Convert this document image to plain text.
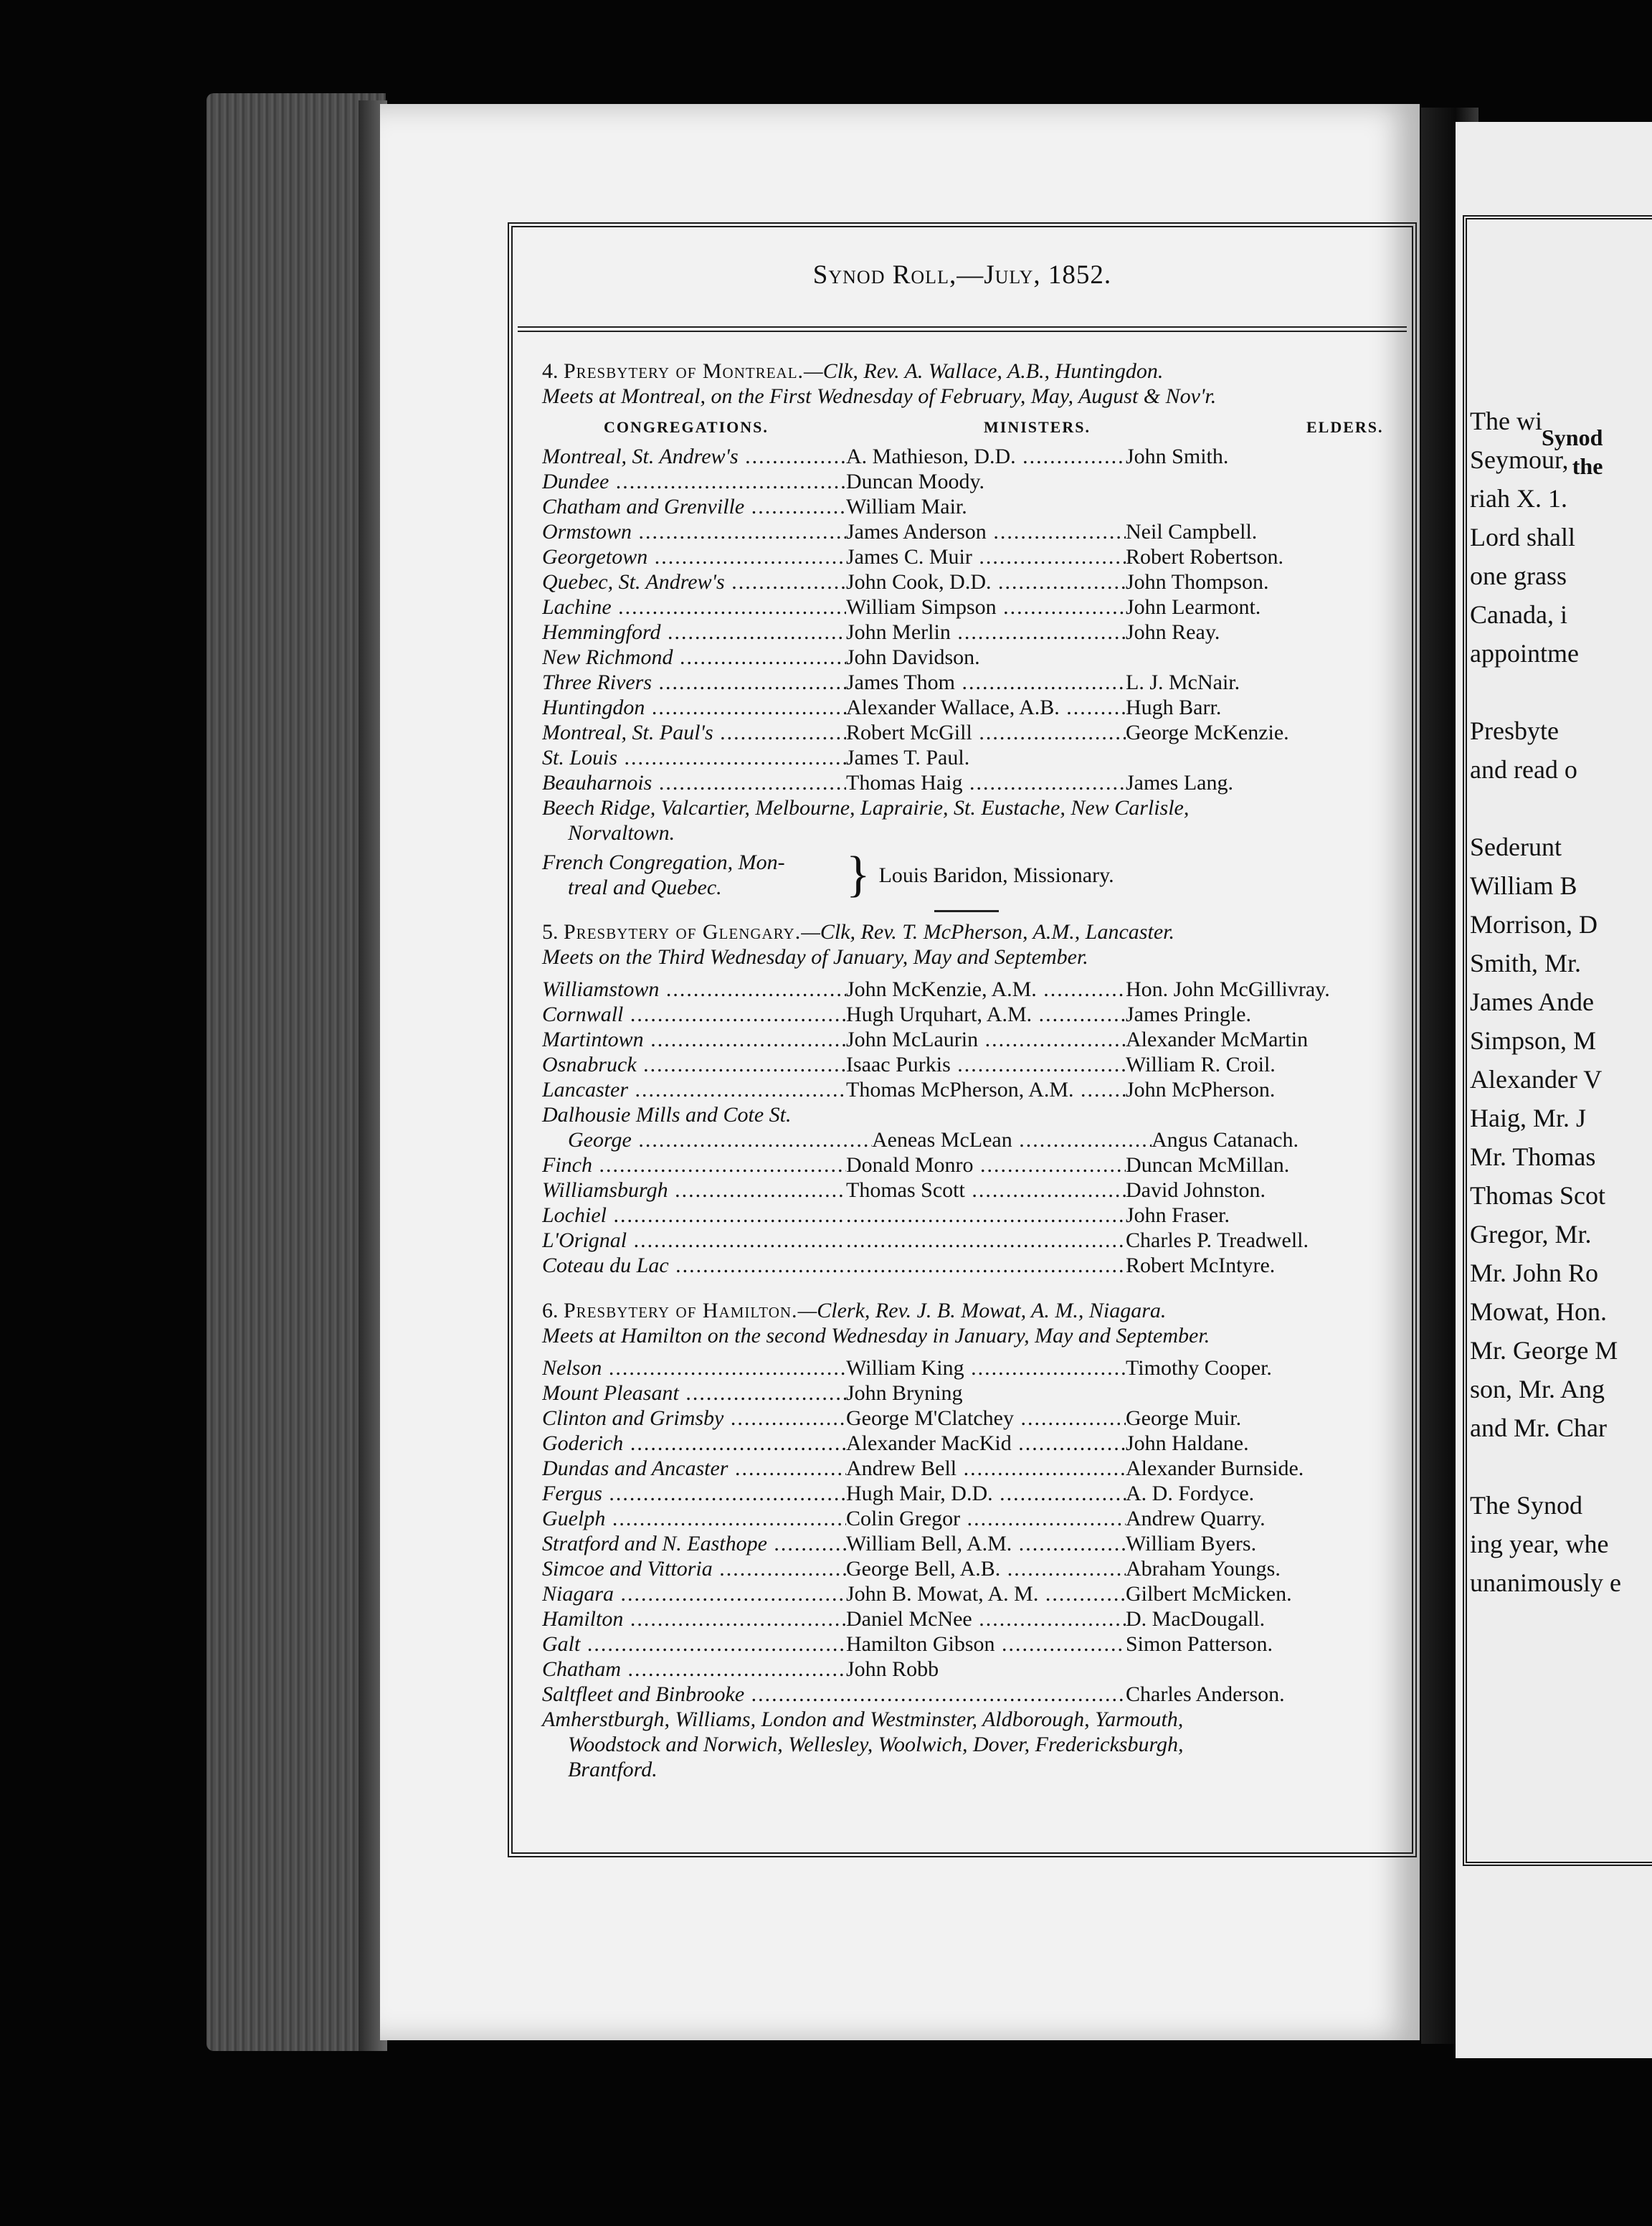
Synod
the
The wi
Seymour,
riah X. 1.
Lord shall
one grass
Canada, i
appointme

Presbyte
and read o

Sederunt
William B
Morrison, D
Smith, Mr.
James Ande
Simpson, M
Alexander V
Haig, Mr. J
Mr. Thomas
Thomas Scot
Gregor, Mr.
Mr. John Ro
Mowat, Hon.
Mr. George M
son, Mr. Ang
and Mr. Char

The Synod
ing year, whe
unanimously e
Synod Roll,—July, 1852.
4. Presbytery of Montreal.—Clk, Rev. A. Wallace, A.B., Huntingdon.
Meets at Montreal, on the First Wednesday of February, May, August & Nov'r.
CONGREGATIONS.	MINISTERS.	ELDERS.
Montreal, St. Andrew's .....	A. Mathieson, D.D. .....	John Smith.
Dundee .....	Duncan Moody.
Chatham and Grenville .....	William Mair.
Ormstown .....	James Anderson .....	Neil Campbell.
Georgetown .....	James C. Muir .....	Robert Robertson.
Quebec, St. Andrew's .....	John Cook, D.D. .....	John Thompson.
Lachine .....	William Simpson .....	John Learmont.
Hemmingford .....	John Merlin .....	John Reay.
New Richmond .....	John Davidson.
Three Rivers .....	James Thom .....	L. J. McNair.
Huntingdon .....	Alexander Wallace, A.B. .....	Hugh Barr.
Montreal, St. Paul's .....	Robert McGill .....	George McKenzie.
St. Louis .....	James T. Paul.
Beauharnois .....	Thomas Haig .....	James Lang.
Beech Ridge, Valcartier, Melbourne, Laprairie, St. Eustache, New Carlisle,
Norvaltown.
French Congregation, Mon-
treal and Quebec.	} Louis Baridon, Missionary.
5. Presbytery of Glengary.—Clk, Rev. T. McPherson, A.M., Lancaster.
Meets on the Third Wednesday of January, May and September.
Williamstown .....	John McKenzie, A.M. .....	Hon. John McGillivray.
Cornwall .....	Hugh Urquhart, A.M. .....	James Pringle.
Martintown .....	John McLaurin .....	Alexander McMartin
Osnabruck .....	Isaac Purkis .....	William R. Croil.
Lancaster .....	Thomas McPherson, A.M. .....	John McPherson.
Dalhousie Mills and Cote St.
George .....	Aeneas McLean .....	Angus Catanach.
Finch .....	Donald Monro .....	Duncan McMillan.
Williamsburgh .....	Thomas Scott .....	David Johnston.
Lochiel ..... .....	John Fraser.
L'Orignal ..... .....	Charles P. Treadwell.
Coteau du Lac ..... .....	Robert McIntyre.
6. Presbytery of Hamilton.—Clerk, Rev. J. B. Mowat, A. M., Niagara.
Meets at Hamilton on the second Wednesday in January, May and September.
Nelson .....	William King .....	Timothy Cooper.
Mount Pleasant .....	John Bryning
Clinton and Grimsby .....	George M'Clatchey .....	George Muir.
Goderich .....	Alexander MacKid .....	John Haldane.
Dundas and Ancaster .....	Andrew Bell .....	Alexander Burnside.
Fergus .....	Hugh Mair, D.D. .....	A. D. Fordyce.
Guelph .....	Colin Gregor .....	Andrew Quarry.
Stratford and N. Easthope .....	William Bell, A.M. .....	William Byers.
Simcoe and Vittoria .....	George Bell, A.B. .....	Abraham Youngs.
Niagara .....	John B. Mowat, A. M. .....	Gilbert McMicken.
Hamilton .....	Daniel McNee .....	D. MacDougall.
Galt .....	Hamilton Gibson .....	Simon Patterson.
Chatham .....	John Robb
Saltfleet and Binbrooke ..... .....	Charles Anderson.
Amherstburgh, Williams, London and Westminster, Aldborough, Yarmouth,
Woodstock and Norwich, Wellesley, Woolwich, Dover, Fredericksburgh,
Brantford.
